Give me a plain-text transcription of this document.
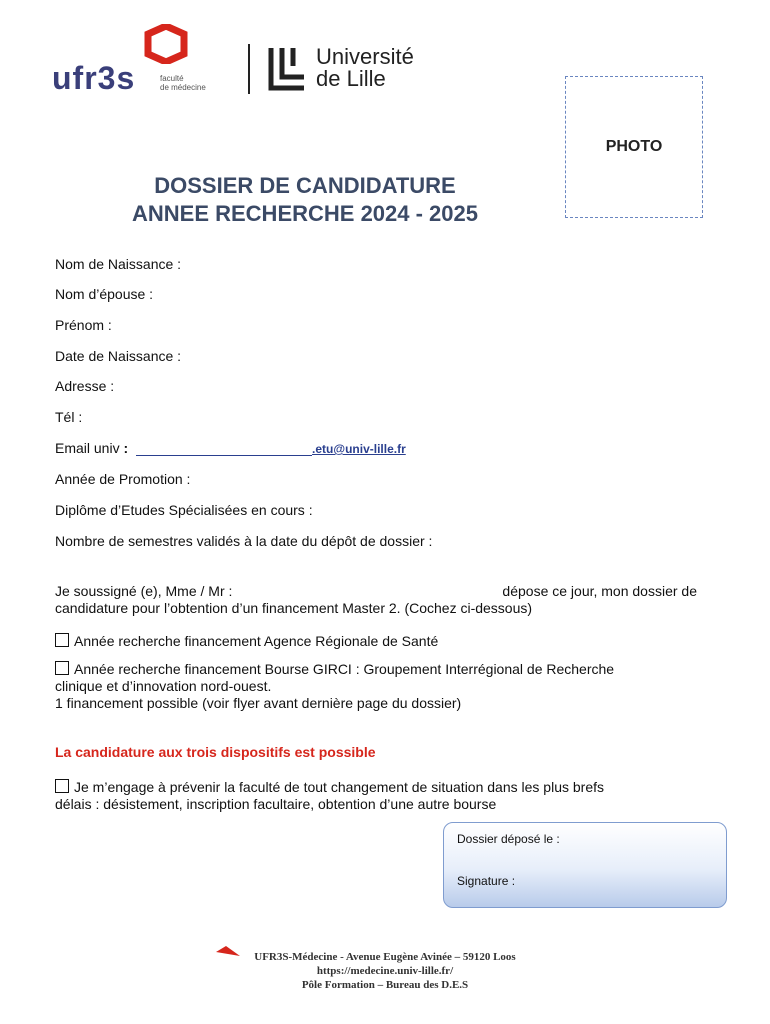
ufr3s	faculté
de médecine
Université
de Lille
PHOTO
DOSSIER DE CANDIDATURE
ANNEE RECHERCHE 2024 - 2025
Nom de Naissance :
Nom d’épouse :
Prénom :
Date de Naissance :
Adresse :
Tél :
Email univ :	.etu@univ-lille.fr
Année de Promotion :
Diplôme d’Etudes Spécialisées en cours :
Nombre de semestres validés à la date du dépôt de dossier :
Je soussigné (e), Mme / Mr :	dépose ce jour, mon dossier de
candidature pour l’obtention d’un financement Master 2. (Cochez ci-dessous)
Année recherche financement Agence Régionale de Santé
Année recherche financement Bourse GIRCI : Groupement Interrégional de Recherche
clinique et d’innovation nord-ouest.
1 financement possible (voir flyer avant dernière page du dossier)
La candidature aux trois dispositifs est possible
Je m’engage à prévenir la faculté de tout changement de situation dans les plus brefs
délais : désistement, inscription facultaire, obtention d’une autre bourse
Dossier déposé le :
Signature :
UFR3S-Médecine - Avenue Eugène Avinée – 59120 Loos
https://medecine.univ-lille.fr/
Pôle Formation – Bureau des D.E.S
